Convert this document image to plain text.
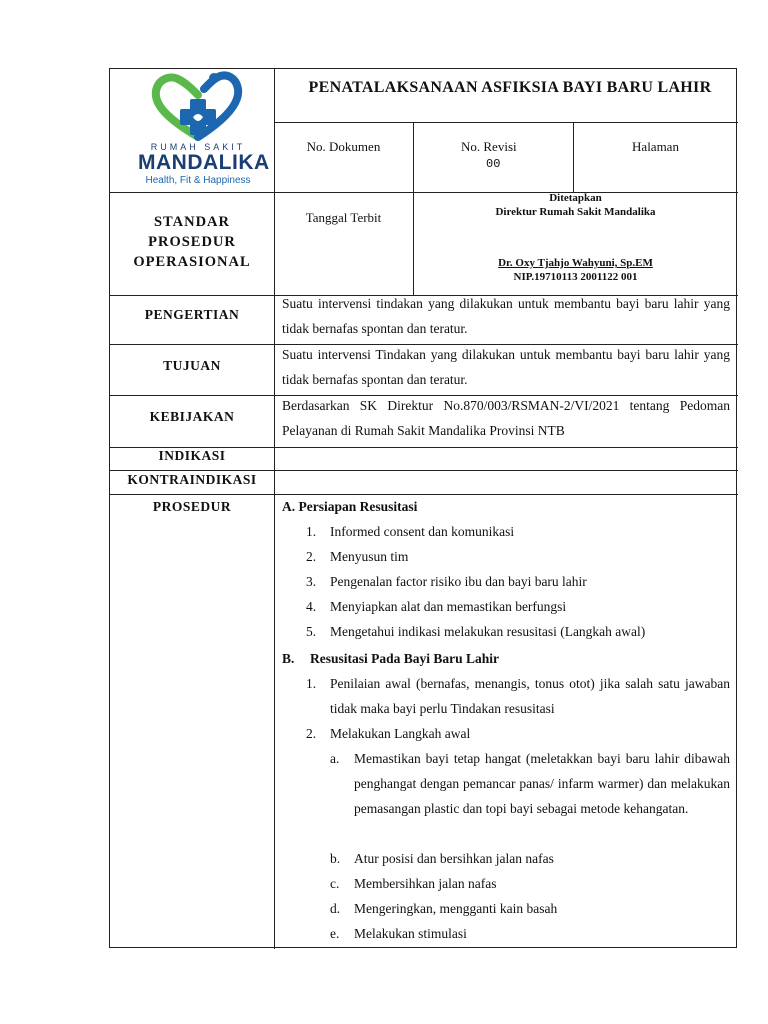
RUMAH SAKIT
MANDALIKA
Health, Fit & Happiness
PENATALAKSANAAN ASFIKSIA BAYI BARU LAHIR
No. Dokumen	No. Revisi
00
Halaman
STANDAR
PROSEDUR
OPERASIONAL
Tanggal Terbit
Ditetapkan
Direktur Rumah Sakit Mandalika
Dr. Oxy Tjahjo Wahyuni, Sp.EM
NIP.19710113 2001122 001
PENGERTIAN
Suatu intervensi tindakan yang dilakukan untuk membantu bayi baru lahir yang tidak bernafas spontan dan teratur.
TUJUAN
Suatu intervensi Tindakan yang dilakukan untuk membantu bayi baru lahir yang tidak bernafas spontan dan teratur.
KEBIJAKAN
Berdasarkan SK Direktur No.870/003/RSMAN-2/VI/2021 tentang Pedoman Pelayanan di Rumah Sakit Mandalika Provinsi NTB
INDIKASI
KONTRAINDIKASI
PROSEDUR	A. Persiapan Resusitasi
1. Informed consent dan komunikasi
2. Menyusun tim
3. Pengenalan factor risiko ibu dan bayi baru lahir
4. Menyiapkan alat dan memastikan berfungsi
5. Mengetahui indikasi melakukan resusitasi (Langkah awal)
B. Resusitasi Pada Bayi Baru Lahir
1. Penilaian awal (bernafas, menangis, tonus otot) jika salah satu jawaban tidak maka bayi perlu Tindakan resusitasi
2. Melakukan Langkah awal
a. Memastikan bayi tetap hangat (meletakkan bayi baru lahir dibawah penghangat dengan pemancar panas/ infarm warmer) dan melakukan pemasangan plastic dan topi bayi sebagai metode kehangatan.
b. Atur posisi dan bersihkan jalan nafas
c. Membersihkan jalan nafas
d. Mengeringkan, mengganti kain basah
e. Melakukan stimulasi
